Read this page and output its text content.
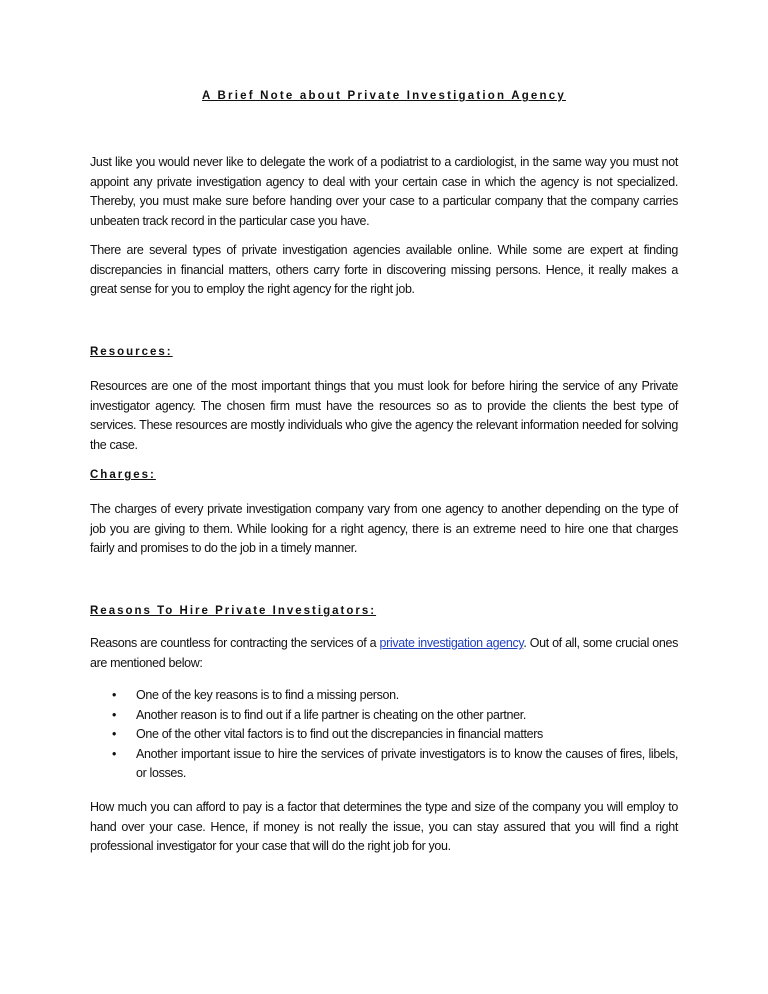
A Brief Note about Private Investigation Agency

Just like you would never like to delegate the work of a podiatrist to a cardiologist, in the same way you must not appoint any private investigation agency to deal with your certain case in which the agency is not specialized. Thereby, you must make sure before handing over your case to a particular company that the company carries unbeaten track record in the particular case you have.

There are several types of private investigation agencies available online. While some are expert at finding discrepancies in financial matters, others carry forte in discovering missing persons. Hence, it really makes a great sense for you to employ the right agency for the right job.

Resources:

Resources are one of the most important things that you must look for before hiring the service of any Private investigator agency. The chosen firm must have the resources so as to provide the clients the best type of services. These resources are mostly individuals who give the agency the relevant information needed for solving the case.

Charges:

The charges of every private investigation company vary from one agency to another depending on the type of job you are giving to them. While looking for a right agency, there is an extreme need to hire one that charges fairly and promises to do the job in a timely manner.

Reasons To Hire Private Investigators:

Reasons are countless for contracting the services of a private investigation agency. Out of all, some crucial ones are mentioned below:

• One of the key reasons is to find a missing person.
• Another reason is to find out if a life partner is cheating on the other partner.
• One of the other vital factors is to find out the discrepancies in financial matters
• Another important issue to hire the services of private investigators is to know the causes of fires, libels, or losses.

How much you can afford to pay is a factor that determines the type and size of the company you will employ to hand over your case. Hence, if money is not really the issue, you can stay assured that you will find a right professional investigator for your case that will do the right job for you.
